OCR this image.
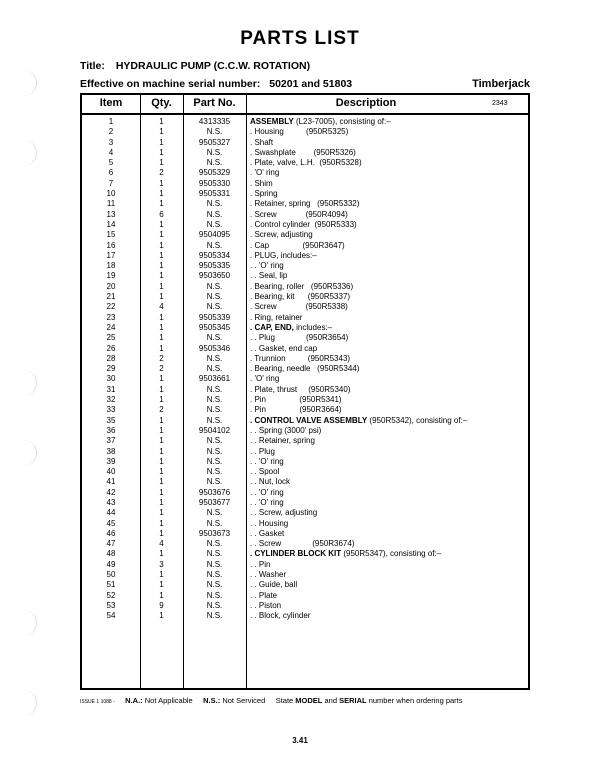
PARTS LIST
Title: HYDRAULIC PUMP (C.C.W. ROTATION)
Effective on machine serial number: 50201 and 51803	Timberjack
Item	Qty.	Part No.	Description	2343
1	1	4313335	ASSEMBLY (L23-7005), consisting of:–
2	1	N.S.	. Housing          (950R5325)
3	1	9505327	. Shaft
4	1	N.S.	. Swashplate        (950R5326)
5	1	N.S.	. Plate, valve, L.H.  (950R5328)
6	2	9505329	. 'O' ring
7	1	9505330	. Shim
10	1	9505331	. Spring
11	1	N.S.	. Retainer, spring   (950R5332)
13	6	N.S.	. Screw             (950R4094)
14	1	N.S.	. Control cylinder  (950R5333)
15	1	9504095	. Screw, adjusting
16	1	N.S.	. Cap               (950R3647)
17	1	9505334	. PLUG, includes:–
18	1	9505335	. . 'O' ring
19	1	9503650	. . Seal, lip
20	1	N.S.	. Bearing, roller   (950R5336)
21	1	N.S.	. Bearing, kit      (950R5337)
22	4	N.S.	. Screw             (950R5338)
23	1	9505339	. Ring, retainer
24	1	9505345	. CAP, END, includes:–
25	1	N.S.	. . Plug              (950R3654)
26	1	9505346	. . Gasket, end cap
28	2	N.S.	. Trunnion          (950R5343)
29	2	N.S.	. Bearing, needle   (950R5344)
30	1	9503661	. 'O' ring
31	1	N.S.	. Plate, thrust     (950R5340)
32	1	N.S.	. Pin               (950R5341)
33	2	N.S.	. Pin               (950R3664)
35	1	N.S.	. CONTROL VALVE ASSEMBLY (950R5342), consisting of:–
36	1	9504102	. . Spring (3000' psi)
37	1	N.S.	. . Retainer, spring
38	1	N.S.	. . Plug
39	1	N.S.	. . 'O' ring
40	1	N.S.	. . Spool
41	1	N.S.	. . Nut, lock
42	1	9503676	. . 'O' ring
43	1	9503677	. . 'O' ring
44	1	N.S.	. . Screw, adjusting
45	1	N.S.	. . Housing
46	1	9503673	. . Gasket
47	4	N.S.	. . Screw              (950R3674)
48	1	N.S.	. CYLINDER BLOCK KIT (950R5347), consisting of:–
49	3	N.S.	. . Pin
50	1	N.S.	. . Washer
51	1	N.S.	. . Guide, ball
52	1	N.S.	. . Plate
53	9	N.S.	. . Piston
54	1	N.S.	. . Block, cylinder
ISSUE 1 1088 - N.A.: Not Applicable N.S.: Not Serviced State MODEL and SERIAL number when ordering parts
3.41
